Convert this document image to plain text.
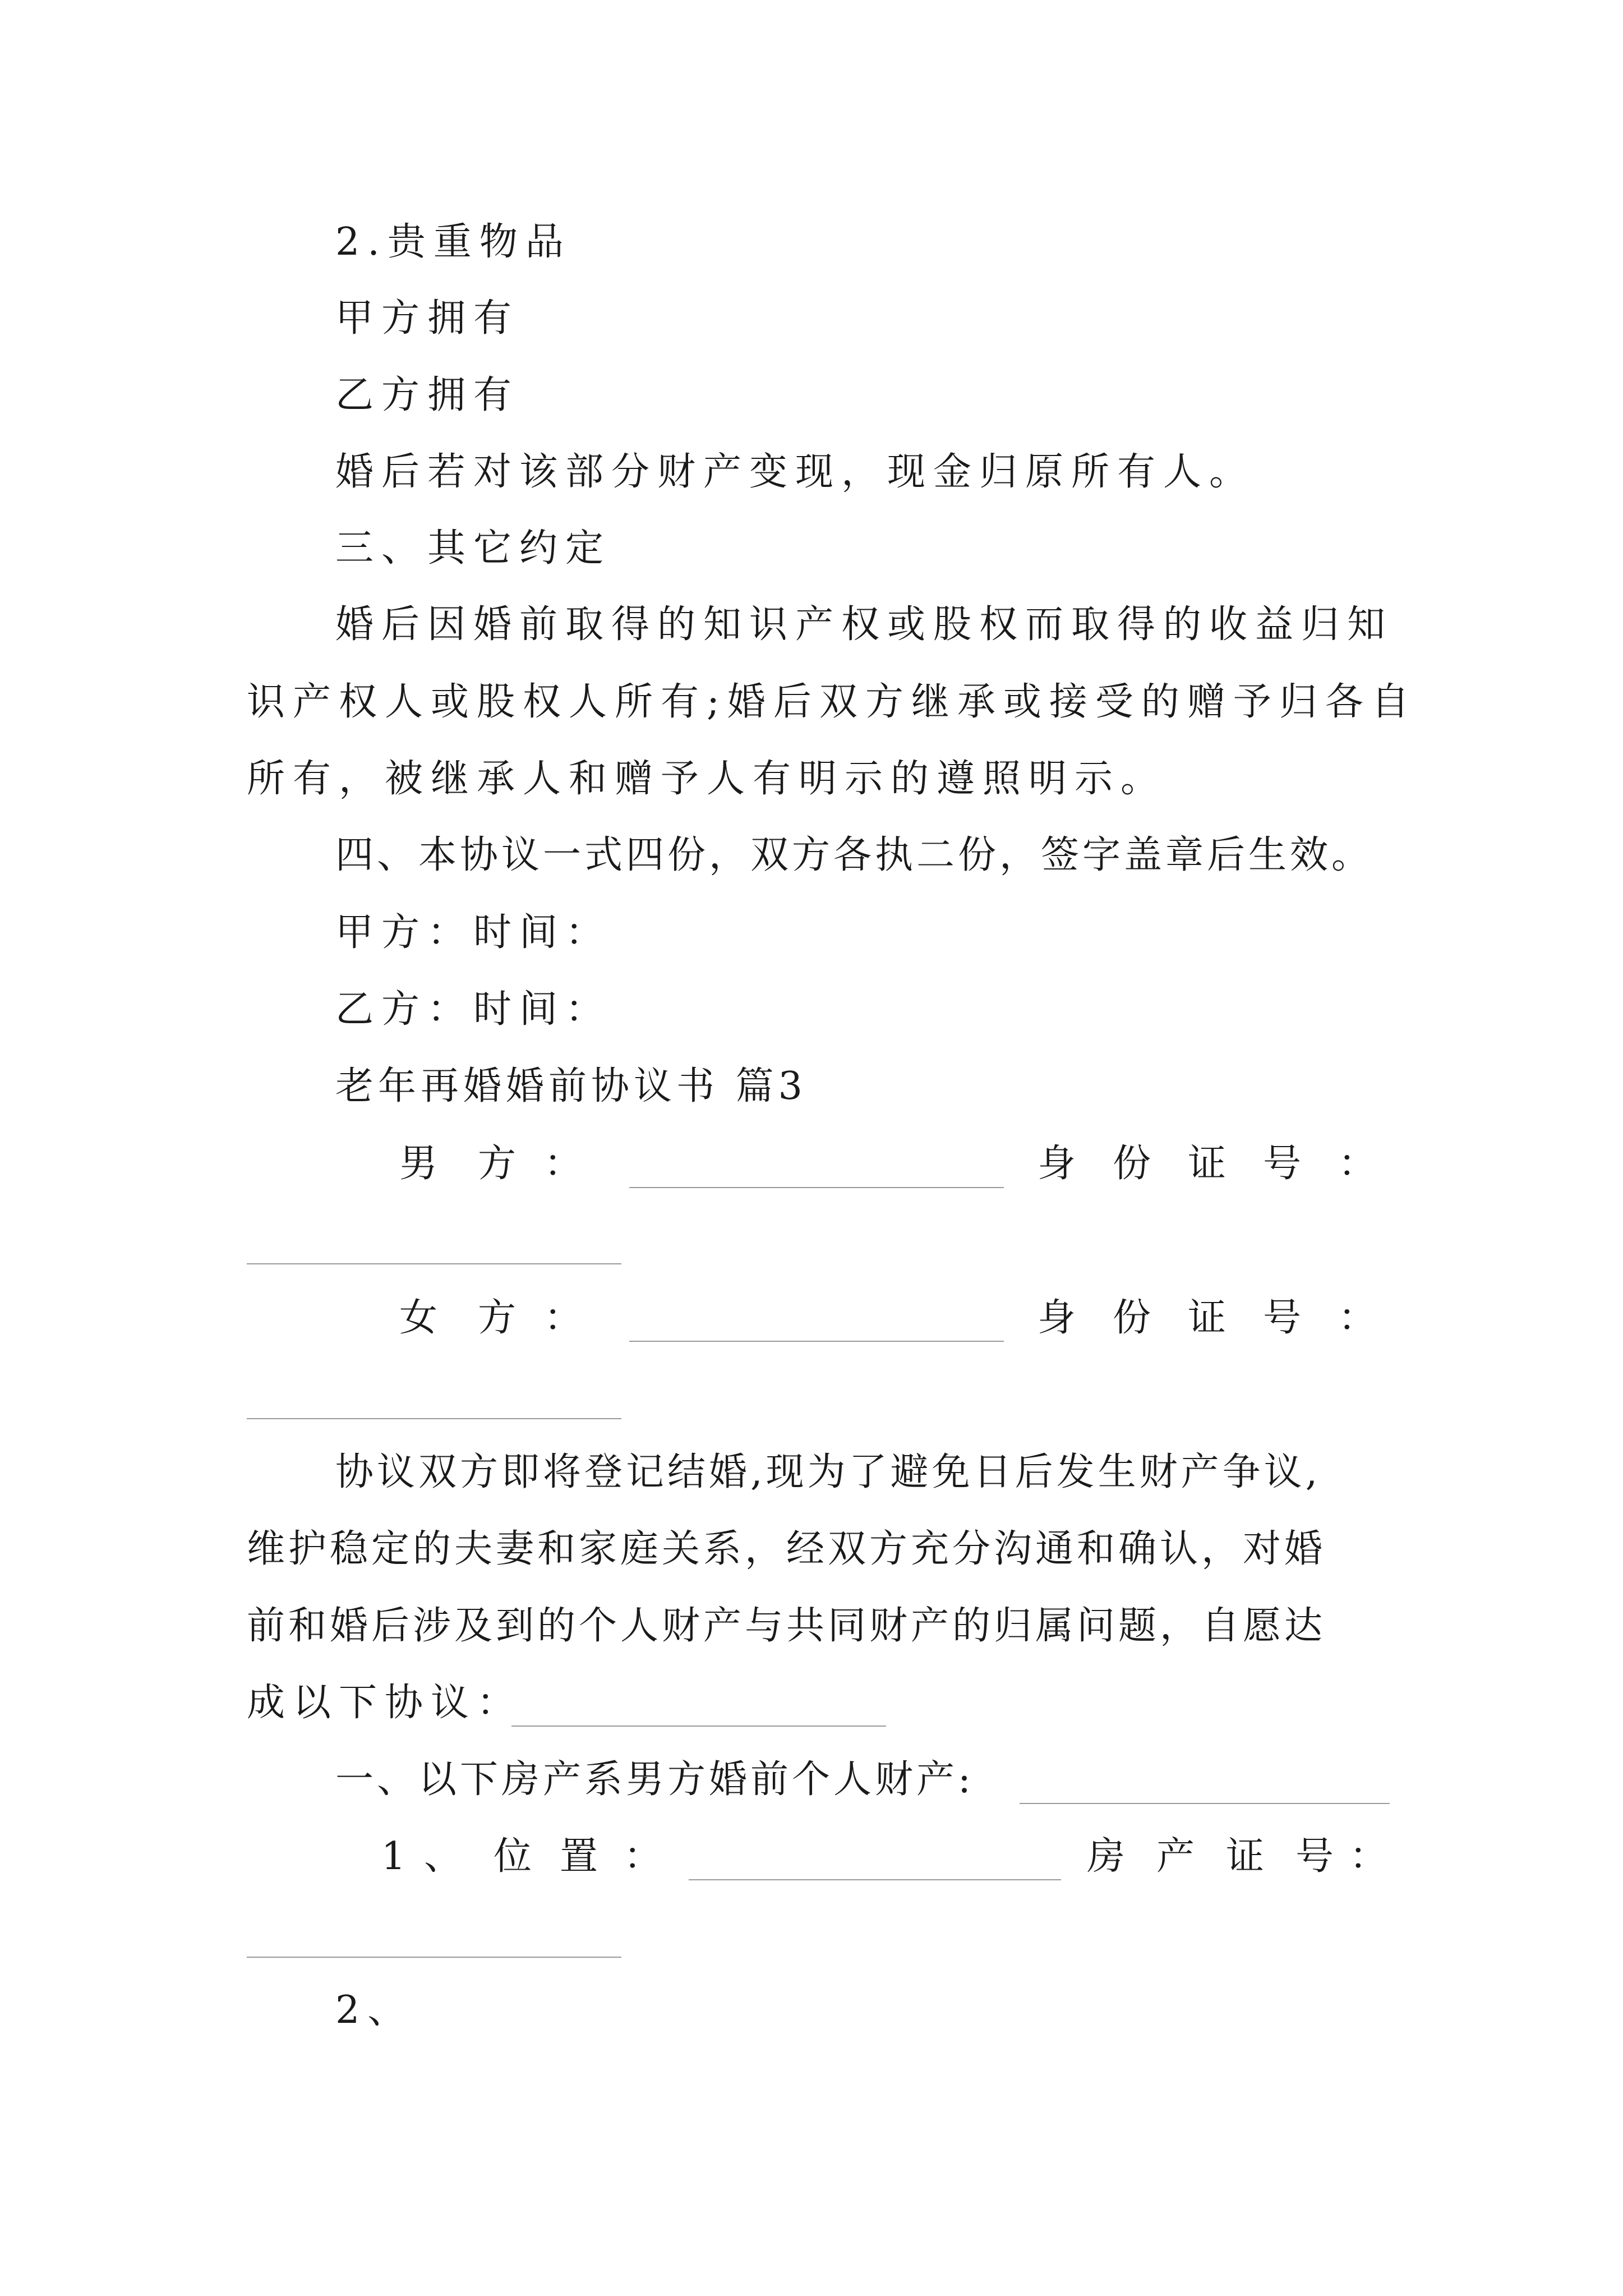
2.贵重物品
甲方拥有
乙方拥有
婚后若对该部分财产变现，现金归原所有人。
三、其它约定
婚后因婚前取得的知识产权或股权而取得的收益归知
识产权人或股权人所有;婚后双方继承或接受的赠予归各自
所有，被继承人和赠予人有明示的遵照明示。
四、本协议一式四份，双方各执二份，签字盖章后生效。
甲方：时间：
乙方：时间：
老年再婚婚前协议书 篇3
男 方 ：	身 份 证 号 ：
女 方 ：	身 份 证 号 ：
协议双方即将登记结婚,现为了避免日后发生财产争议,
维护稳定的夫妻和家庭关系，经双方充分沟通和确认，对婚
前和婚后涉及到的个人财产与共同财产的归属问题，自愿达
成以下协议：
一、以下房产系男方婚前个人财产:
1 、 位 置 ：	房 产 证 号 ：
2、
